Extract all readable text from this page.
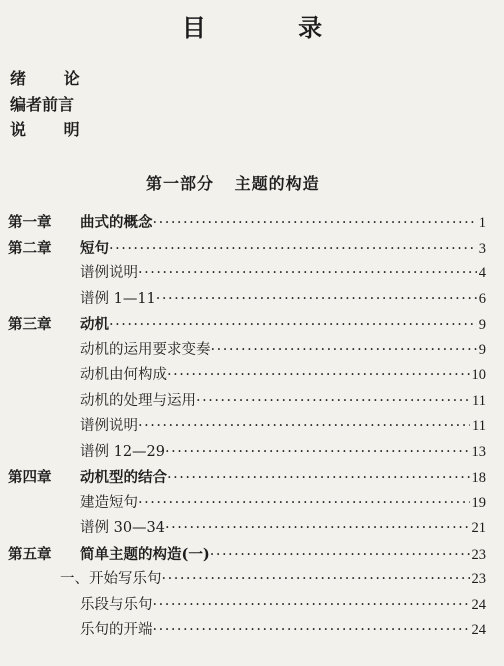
目 录
绪 论
编者前言
说 明
第一部分 主题的构造
第一章 曲式的概念 ·····	1
第二章 短句 ·····	3
谱例说明 ·····	4
谱例 1—11 ·····	6
第三章 动机 ·····	9
动机的运用要求变奏 ·····	9
动机由何构成 ·····	10
动机的处理与运用 ·····	11
谱例说明 ·····	11
谱例 12—29 ·····	13
第四章 动机型的结合 ·····	18
建造短句 ·····	19
谱例 30—34 ·····	21
第五章 简单主题的构造(一) ·····	23
一、开始写乐句 ·····	23
乐段与乐句 ·····	24
乐句的开端 ·····	24
